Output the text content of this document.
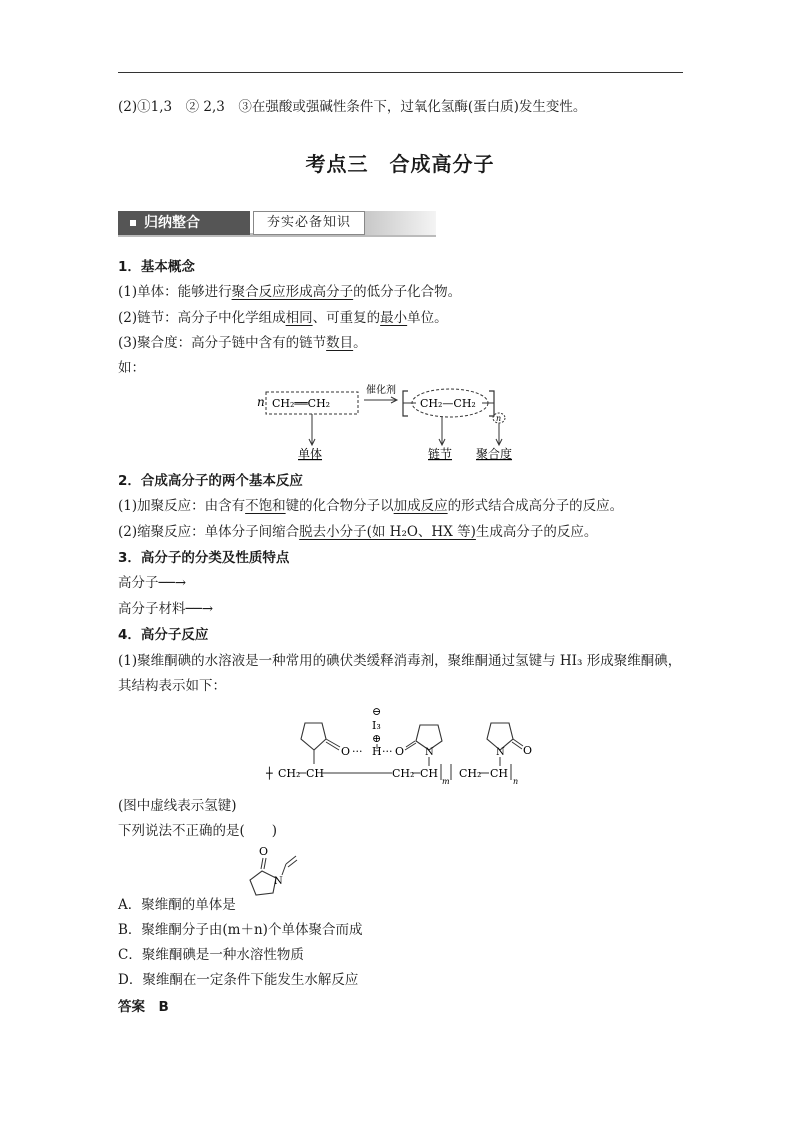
(2)①1,3　② 2,3　③在强酸或强碱性条件下，过氧化氢酶(蛋白质)发生变性。
考点三　合成高分子
归纳整合	夯实必备知识
1．基本概念
(1)单体：能够进行聚合反应形成高分子的低分子化合物。
(2)链节：高分子中化学组成相同、可重复的最小单位。
(3)聚合度：高分子链中含有的链节数目。
如：
n CH₂══CH₂
催化剂
CH₂—CH₂
n
单体	链节 聚合度
2．合成高分子的两个基本反应
(1)加聚反应：由含有不饱和键的化合物分子以加成反应的形式结合成高分子的反应。
(2)缩聚反应：单体分子间缩合脱去小分子(如 H₂O、HX 等)生成高分子的反应。
3．高分子的分类及性质特点
高分子──→
高分子材料──→
4．高分子反应
(1)聚维酮碘的水溶液是一种常用的碘伏类缓释消毒剂，聚维酮通过氢键与 HI₃ 形成聚维酮碘，
其结构表示如下：
⊖
I₃
⊕
O ··· H ··· O N	O
N
┼ CH₂ CH	CH₂ CH
m
CH₂ CH
n
(图中虚线表示氢键)
下列说法不正确的是(　　)
O
N
A．聚维酮的单体是
B．聚维酮分子由(m＋n)个单体聚合而成
C．聚维酮碘是一种水溶性物质
D．聚维酮在一定条件下能发生水解反应
答案　B
